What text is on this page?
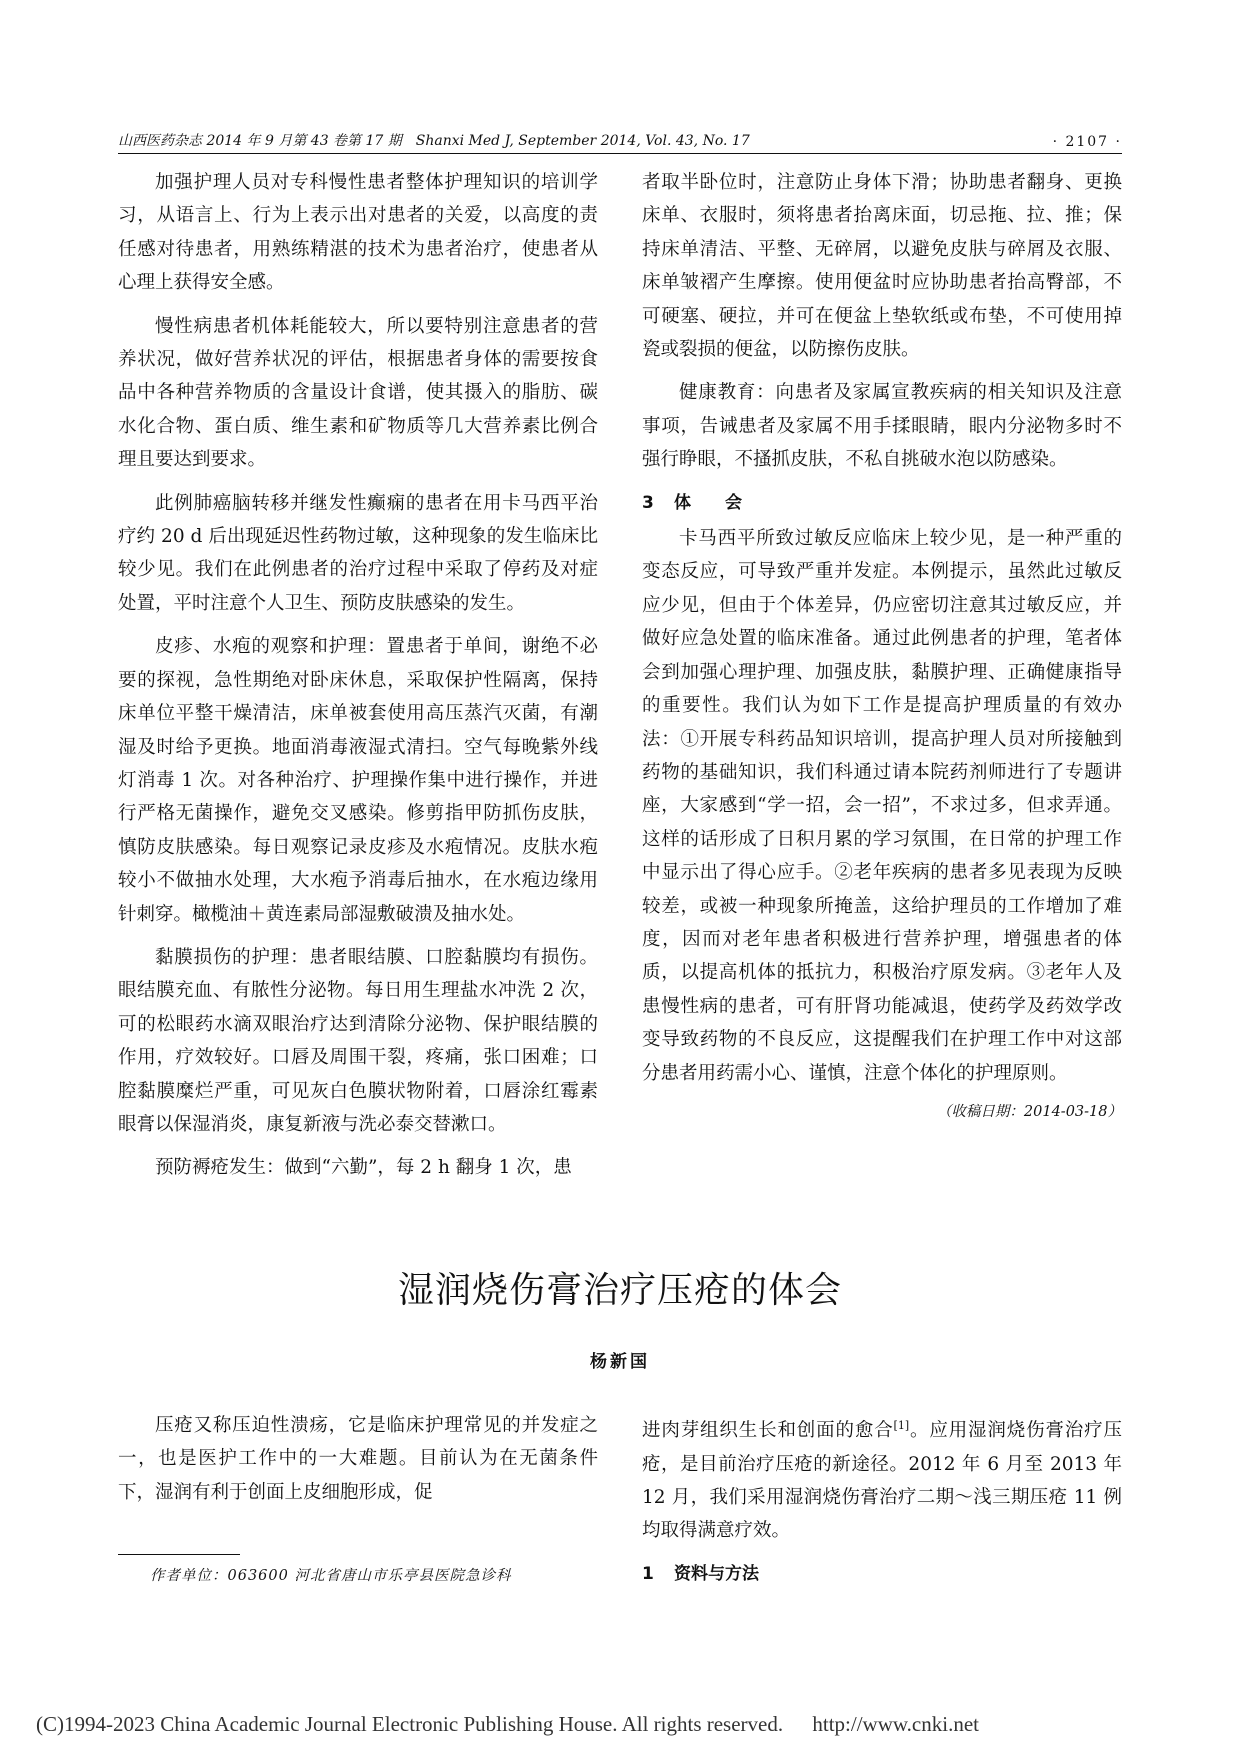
山西医药杂志 2014 年 9 月第 43 卷第 17 期　Shanxi Med J, September 2014, Vol. 43, No. 17	· 2107 ·

加强护理人员对专科慢性患者整体护理知识的培训学习，从语言上、行为上表示出对患者的关爱，以高度的责任感对待患者，用熟练精湛的技术为患者治疗，使患者从心理上获得安全感。

慢性病患者机体耗能较大，所以要特别注意患者的营养状况，做好营养状况的评估，根据患者身体的需要按食品中各种营养物质的含量设计食谱，使其摄入的脂肪、碳水化合物、蛋白质、维生素和矿物质等几大营养素比例合理且要达到要求。

此例肺癌脑转移并继发性癫痫的患者在用卡马西平治疗约 20 d 后出现延迟性药物过敏，这种现象的发生临床比较少见。我们在此例患者的治疗过程中采取了停药及对症处置，平时注意个人卫生、预防皮肤感染的发生。

皮疹、水疱的观察和护理：置患者于单间，谢绝不必要的探视，急性期绝对卧床休息，采取保护性隔离，保持床单位平整干燥清洁，床单被套使用高压蒸汽灭菌，有潮湿及时给予更换。地面消毒液湿式清扫。空气每晚紫外线灯消毒 1 次。对各种治疗、护理操作集中进行操作，并进行严格无菌操作，避免交叉感染。修剪指甲防抓伤皮肤，慎防皮肤感染。每日观察记录皮疹及水疱情况。皮肤水疱较小不做抽水处理，大水疱予消毒后抽水，在水疱边缘用针刺穿。橄榄油＋黄连素局部湿敷破溃及抽水处。

黏膜损伤的护理：患者眼结膜、口腔黏膜均有损伤。眼结膜充血、有脓性分泌物。每日用生理盐水冲洗 2 次，可的松眼药水滴双眼治疗达到清除分泌物、保护眼结膜的作用，疗效较好。口唇及周围干裂，疼痛，张口困难；口腔黏膜糜烂严重，可见灰白色膜状物附着，口唇涂红霉素眼膏以保湿消炎，康复新液与洗必泰交替漱口。

预防褥疮发生：做到“六勤”，每 2 h 翻身 1 次，患

者取半卧位时，注意防止身体下滑；协助患者翻身、更换床单、衣服时，须将患者抬离床面，切忌拖、拉、推；保持床单清洁、平整、无碎屑，以避免皮肤与碎屑及衣服、床单皱褶产生摩擦。使用便盆时应协助患者抬高臀部，不可硬塞、硬拉，并可在便盆上垫软纸或布垫，不可使用掉瓷或裂损的便盆，以防擦伤皮肤。

健康教育：向患者及家属宣教疾病的相关知识及注意事项，告诫患者及家属不用手揉眼睛，眼内分泌物多时不强行睁眼，不搔抓皮肤，不私自挑破水泡以防感染。

3 体会

卡马西平所致过敏反应临床上较少见，是一种严重的变态反应，可导致严重并发症。本例提示，虽然此过敏反应少见，但由于个体差异，仍应密切注意其过敏反应，并做好应急处置的临床准备。通过此例患者的护理，笔者体会到加强心理护理、加强皮肤，黏膜护理、正确健康指导的重要性。我们认为如下工作是提高护理质量的有效办法：①开展专科药品知识培训，提高护理人员对所接触到药物的基础知识，我们科通过请本院药剂师进行了专题讲座，大家感到“学一招，会一招”，不求过多，但求弄通。这样的话形成了日积月累的学习氛围，在日常的护理工作中显示出了得心应手。②老年疾病的患者多见表现为反映较差，或被一种现象所掩盖，这给护理员的工作增加了难度，因而对老年患者积极进行营养护理，增强患者的体质，以提高机体的抵抗力，积极治疗原发病。③老年人及患慢性病的患者，可有肝肾功能减退，使药学及药效学改变导致药物的不良反应，这提醒我们在护理工作中对这部分患者用药需小心、谨慎，注意个体化的护理原则。

（收稿日期：2014-03-18）
湿润烧伤膏治疗压疮的体会
杨新国

压疮又称压迫性溃疡，它是临床护理常见的并发症之一，也是医护工作中的一大难题。目前认为在无菌条件下，湿润有利于创面上皮细胞形成，促

进肉芽组织生长和创面的愈合[1]。应用湿润烧伤膏治疗压疮，是目前治疗压疮的新途径。2012 年 6 月至 2013 年 12 月，我们采用湿润烧伤膏治疗二期～浅三期压疮 11 例均取得满意疗效。

1 资料与方法
作者单位：063600 河北省唐山市乐亭县医院急诊科
(C)1994-2023 China Academic Journal Electronic Publishing House. All rights reserved. http://www.cnki.net
